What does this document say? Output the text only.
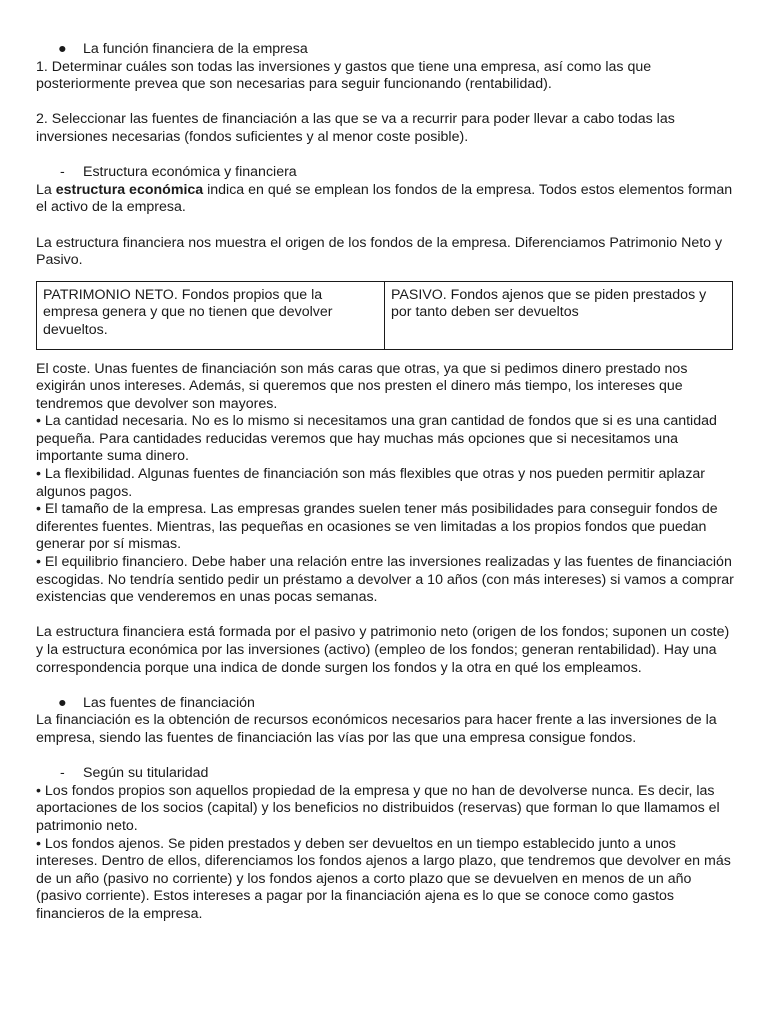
● La función financiera de la empresa

1. Determinar cuáles son todas las inversiones y gastos que tiene una empresa, así como las que posteriormente prevea que son necesarias para seguir funcionando (rentabilidad).

2. Seleccionar las fuentes de financiación a las que se va a recurrir para poder llevar a cabo todas las inversiones necesarias (fondos suficientes y al menor coste posible).

- Estructura económica y financiera

La estructura económica indica en qué se emplean los fondos de la empresa. Todos estos elementos forman el activo de la empresa.

La estructura financiera nos muestra el origen de los fondos de la empresa. Diferenciamos Patrimonio Neto y Pasivo.

PATRIMONIO NETO. Fondos propios que la empresa genera y que no tienen que devolver devueltos.	PASIVO. Fondos ajenos que se piden prestados y por tanto deben ser devueltos

El coste. Unas fuentes de financiación son más caras que otras, ya que si pedimos dinero prestado nos exigirán unos intereses. Además, si queremos que nos presten el dinero más tiempo, los intereses que tendremos que devolver son mayores.

• La cantidad necesaria. No es lo mismo si necesitamos una gran cantidad de fondos que si es una cantidad pequeña. Para cantidades reducidas veremos que hay muchas más opciones que si necesitamos una importante suma dinero.

• La flexibilidad. Algunas fuentes de financiación son más flexibles que otras y nos pueden permitir aplazar algunos pagos.

• El tamaño de la empresa. Las empresas grandes suelen tener más posibilidades para conseguir fondos de diferentes fuentes. Mientras, las pequeñas en ocasiones se ven limitadas a los propios fondos que puedan generar por sí mismas.

• El equilibrio financiero. Debe haber una relación entre las inversiones realizadas y las fuentes de financiación escogidas. No tendría sentido pedir un préstamo a devolver a 10 años (con más intereses) si vamos a comprar existencias que venderemos en unas pocas semanas.

La estructura financiera está formada por el pasivo y patrimonio neto (origen de los fondos; suponen un coste) y la estructura económica por las inversiones (activo) (empleo de los fondos; generan rentabilidad). Hay una correspondencia porque una indica de donde surgen los fondos y la otra en qué los empleamos.

● Las fuentes de financiación

La financiación es la obtención de recursos económicos necesarios para hacer frente a las inversiones de la empresa, siendo las fuentes de financiación las vías por las que una empresa consigue fondos.

- Según su titularidad

• Los fondos propios son aquellos propiedad de la empresa y que no han de devolverse nunca. Es decir, las aportaciones de los socios (capital) y los beneficios no distribuidos (reservas) que forman lo que llamamos el patrimonio neto.

• Los fondos ajenos. Se piden prestados y deben ser devueltos en un tiempo establecido junto a unos intereses. Dentro de ellos, diferenciamos los fondos ajenos a largo plazo, que tendremos que devolver en más de un año (pasivo no corriente) y los fondos ajenos a corto plazo que se devuelven en menos de un año (pasivo corriente). Estos intereses a pagar por la financiación ajena es lo que se conoce como gastos financieros de la empresa.
